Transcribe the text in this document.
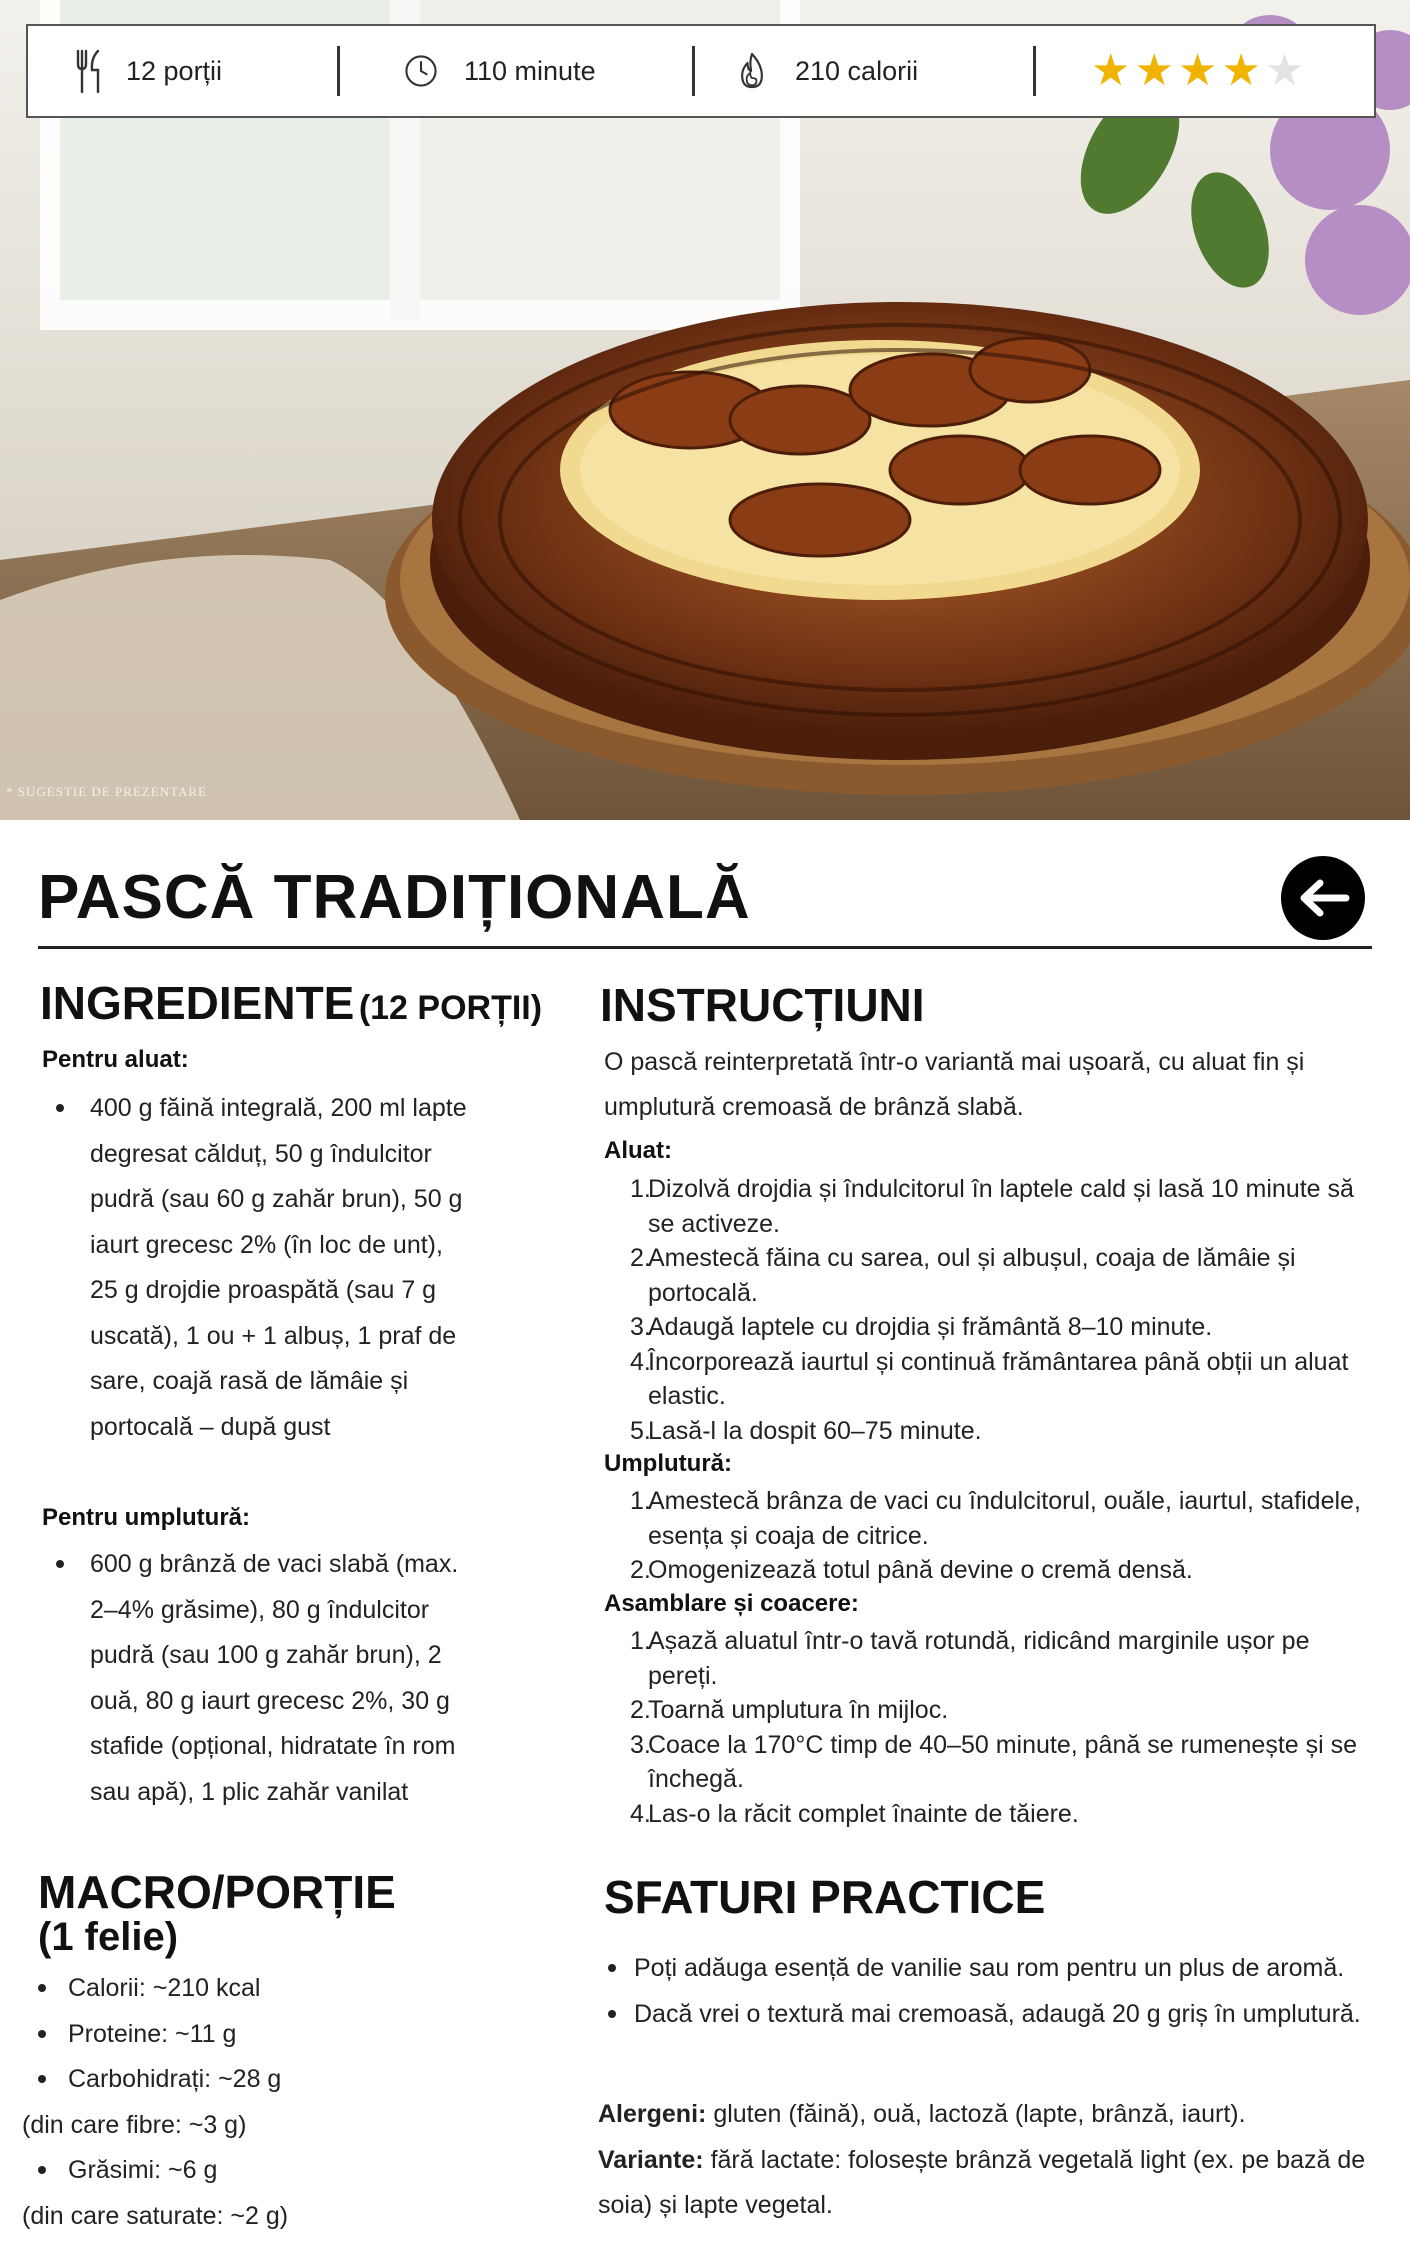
* SUGESTIE DE PREZENTARE
12 porții	110 minute	210 calorii	★ ★ ★ ★ ★
PASCĂ TRADIȚIONALĂ
INGREDIENTE (12 PORȚII)
Pentru aluat:
400 g făină integrală, 200 ml lapte degresat călduț, 50 g îndulcitor pudră (sau 60 g zahăr brun), 50 g iaurt grecesc 2% (în loc de unt), 25 g drojdie proaspătă (sau 7 g uscată), 1 ou + 1 albuș, 1 praf de sare, coajă rasă de lămâie și portocală – după gust
Pentru umplutură:
600 g brânză de vaci slabă (max. 2–4% grăsime), 80 g îndulcitor pudră (sau 100 g zahăr brun), 2 ouă, 80 g iaurt grecesc 2%, 30 g stafide (opțional, hidratate în rom sau apă), 1 plic zahăr vanilat
MACRO/PORȚIE
(1 felie)
Calorii: ~210 kcal
Proteine: ~11 g
Carbohidrați: ~28 g
(din care fibre: ~3 g)
Grăsimi: ~6 g
(din care saturate: ~2 g)
INSTRUCȚIUNI
O pască reinterpretată într-o variantă mai ușoară, cu aluat fin și umplutură cremoasă de brânză slabă.
Aluat:
1.
Dizolvă drojdia și îndulcitorul în laptele cald și lasă 10 minute să se activeze.
2.
Amestecă făina cu sarea, oul și albușul, coaja de lămâie și portocală.
3.
Adaugă laptele cu drojdia și frământă 8–10 minute.
4.
Încorporează iaurtul și continuă frământarea până obții un aluat elastic.
5.
Lasă-l la dospit 60–75 minute.
Umplutură:
1.
Amestecă brânza de vaci cu îndulcitorul, ouăle, iaurtul, stafidele, esența și coaja de citrice.
2.
Omogenizează totul până devine o cremă densă.
Asamblare și coacere:
1.
Așază aluatul într-o tavă rotundă, ridicând marginile ușor pe pereți.
2.
Toarnă umplutura în mijloc.
3.
Coace la 170°C timp de 40–50 minute, până se rumenește și se închegă.
4.
Las-o la răcit complet înainte de tăiere.
SFATURI PRACTICE
Poți adăuga esență de vanilie sau rom pentru un plus de aromă.
Dacă vrei o textură mai cremoasă, adaugă 20 g griș în umplutură.
Alergeni: gluten (făină), ouă, lactoză (lapte, brânză, iaurt).
Variante: fără lactate: folosește brânză vegetală light (ex. pe bază de soia) și lapte vegetal.
